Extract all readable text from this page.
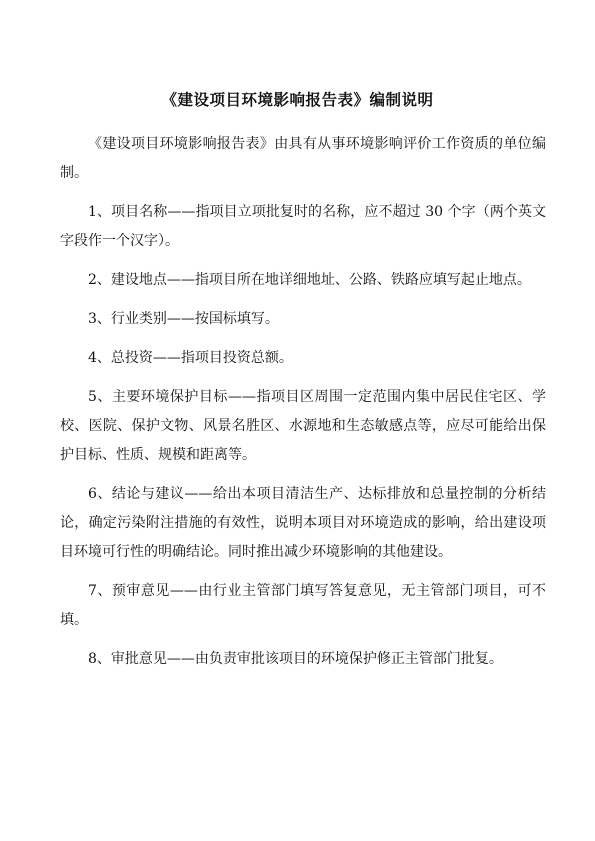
《建设项目环境影响报告表》编制说明

《建设项目环境影响报告表》由具有从事环境影响评价工作资质的单位编制。

1、项目名称——指项目立项批复时的名称，应不超过 30 个字（两个英文字段作一个汉字）。

2、建设地点——指项目所在地详细地址、公路、铁路应填写起止地点。

3、行业类别——按国标填写。

4、总投资——指项目投资总额。

5、主要环境保护目标——指项目区周围一定范围内集中居民住宅区、学校、医院、保护文物、风景名胜区、水源地和生态敏感点等，应尽可能给出保护目标、性质、规模和距离等。

6、结论与建议——给出本项目清洁生产、达标排放和总量控制的分析结论，确定污染附注措施的有效性，说明本项目对环境造成的影响，给出建设项目环境可行性的明确结论。同时推出减少环境影响的其他建设。

7、预审意见——由行业主管部门填写答复意见，无主管部门项目，可不填。

8、审批意见——由负责审批该项目的环境保护修正主管部门批复。
